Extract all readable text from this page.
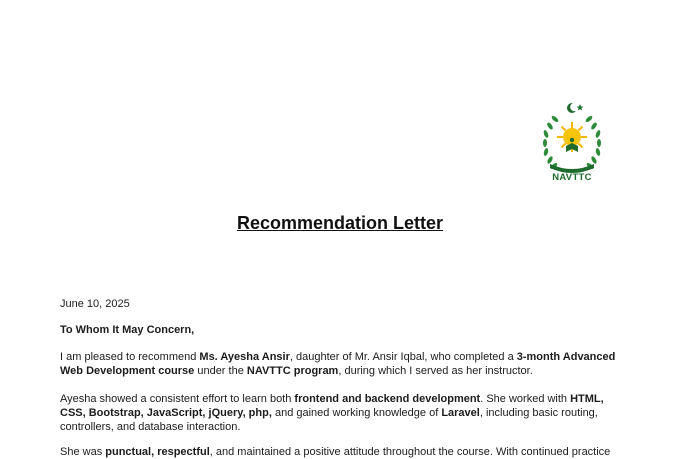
NAVTTC
Recommendation Letter
June 10, 2025
To Whom It May Concern,
I am pleased to recommend Ms. Ayesha Ansir, daughter of Mr. Ansir Iqbal, who completed a 3-month Advanced Web Development course under the NAVTTC program, during which I served as her instructor.
Ayesha showed a consistent effort to learn both frontend and backend development. She worked with HTML, CSS, Bootstrap, JavaScript, jQuery, php, and gained working knowledge of Laravel, including basic routing, controllers, and database interaction.
She was punctual, respectful, and maintained a positive attitude throughout the course. With continued practice
